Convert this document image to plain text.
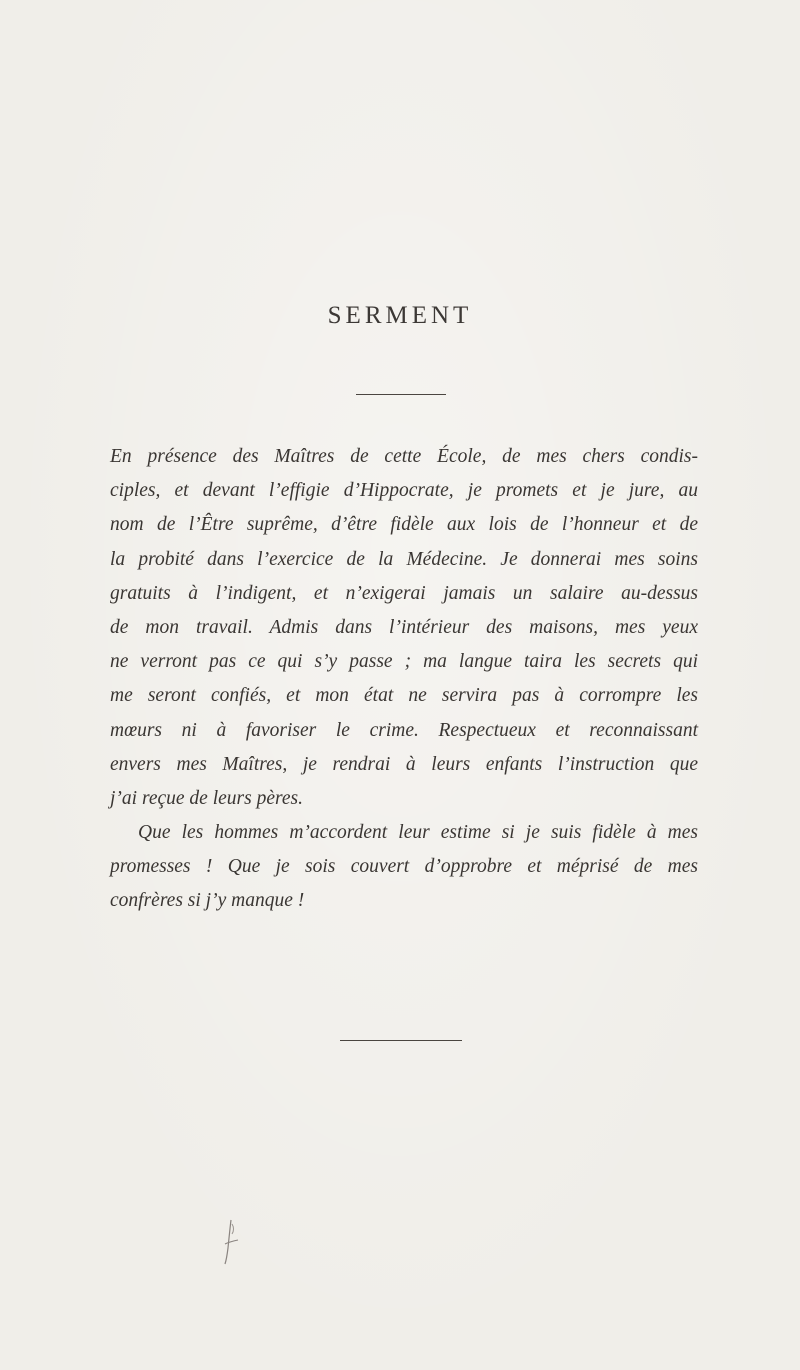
SERMENT
En présence des Maîtres de cette École, de mes chers condis-
ciples, et devant l’effigie d’Hippocrate, je promets et je jure, au
nom de l’Être suprême, d’être fidèle aux lois de l’honneur et de
la probité dans l’exercice de la Médecine. Je donnerai mes soins
gratuits à l’indigent, et n’exigerai jamais un salaire au-dessus
de mon travail. Admis dans l’intérieur des maisons, mes yeux
ne verront pas ce qui s’y passe ; ma langue taira les secrets qui
me seront confiés, et mon état ne servira pas à corrompre les
mœurs ni à favoriser le crime. Respectueux et reconnaissant
envers mes Maîtres, je rendrai à leurs enfants l’instruction que
j’ai reçue de leurs pères.
Que les hommes m’accordent leur estime si je suis fidèle à mes
promesses ! Que je sois couvert d’opprobre et méprisé de mes
confrères si j’y manque !
